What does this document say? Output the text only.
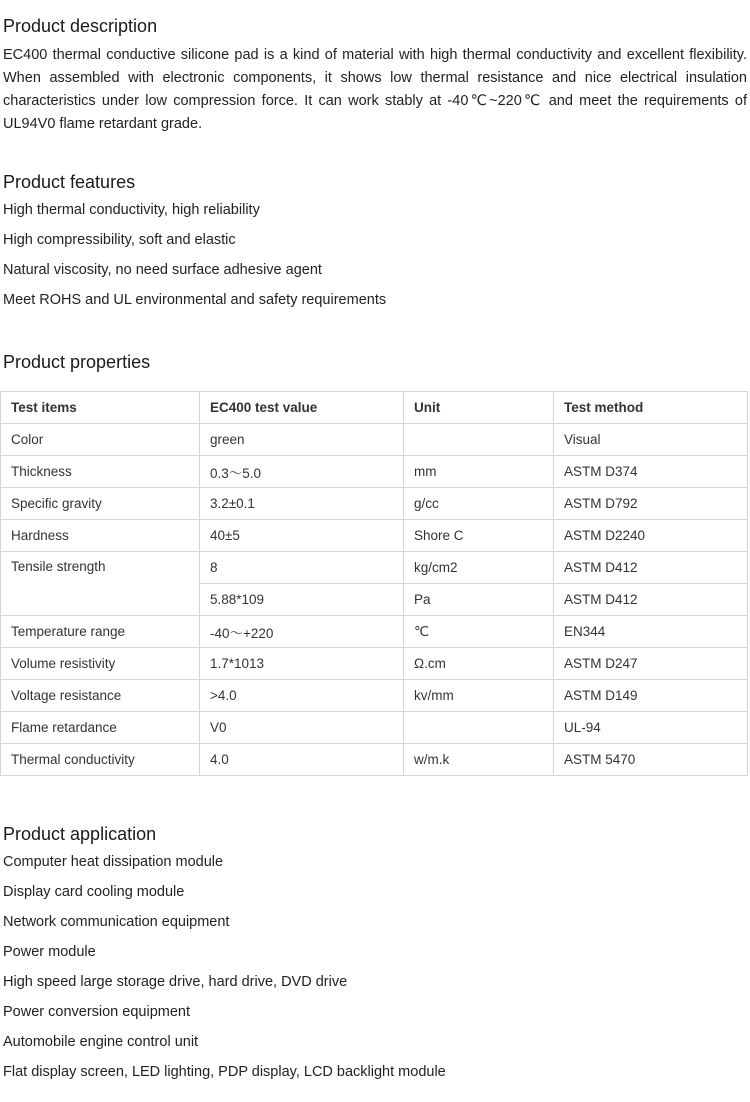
Product description

EC400 thermal conductive silicone pad is a kind of material with high thermal conductivity and excellent flexibility. When assembled with electronic components, it shows low thermal resistance and nice electrical insulation characteristics under low compression force. It can work stably at -40℃~220℃ and meet the requirements of UL94V0 flame retardant grade.

Product features
High thermal conductivity, high reliability
High compressibility, soft and elastic
Natural viscosity, no need surface adhesive agent
Meet ROHS and UL environmental and safety requirements
Product properties
Test items	EC400 test value	Unit	Test method
Color	green		Visual
Thickness	0.3～5.0	mm	ASTM D374
Specific gravity	3.2±0.1	g/cc	ASTM D792
Hardness	40±5	Shore C	ASTM D2240
Tensile strength	8	kg/cm2	ASTM D412
	5.88*109	Pa	ASTM D412
Temperature range	-40～+220	℃	EN344
Volume resistivity	1.7*1013	Ω.cm	ASTM D247
Voltage resistance	>4.0	kv/mm	ASTM D149
Flame retardance	V0		UL-94
Thermal conductivity	4.0	w/m.k	ASTM 5470
Product application
Computer heat dissipation module
Display card cooling module
Network communication equipment
Power module
High speed large storage drive, hard drive, DVD drive
Power conversion equipment
Automobile engine control unit
Flat display screen, LED lighting, PDP display, LCD backlight module
